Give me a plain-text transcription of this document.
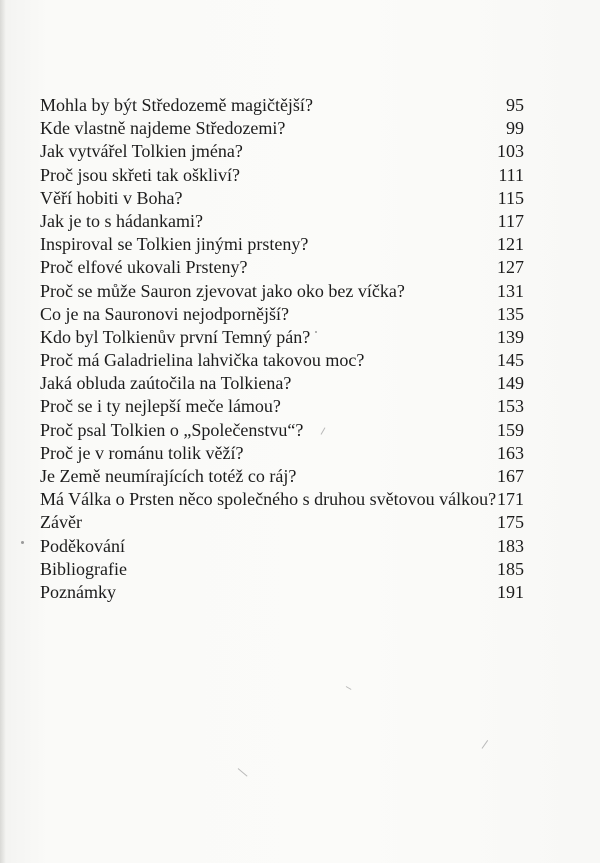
Mohla by být Středozemě magičtější?	95
Kde vlastně najdeme Středozemi?	99
Jak vytvářel Tolkien jména?	103
Proč jsou skřeti tak oškliví?	111
Věří hobiti v Boha?	115
Jak je to s hádankami?	117
Inspiroval se Tolkien jinými prsteny?	121
Proč elfové ukovali Prsteny?	127
Proč se může Sauron zjevovat jako oko bez víčka?	131
Co je na Sauronovi nejodpornější?	135
Kdo byl Tolkienův první Temný pán?	139
Proč má Galadrielina lahvička takovou moc?	145
Jaká obluda zaútočila na Tolkiena?	149
Proč se i ty nejlepší meče lámou?	153
Proč psal Tolkien o „Společenstvu“?	159
Proč je v románu tolik věží?	163
Je Země neumírajících totéž co ráj?	167
Má Válka o Prsten něco společného s druhou světovou válkou? 171
Závěr	175
Poděkování	183
Bibliografie	185
Poznámky	191
